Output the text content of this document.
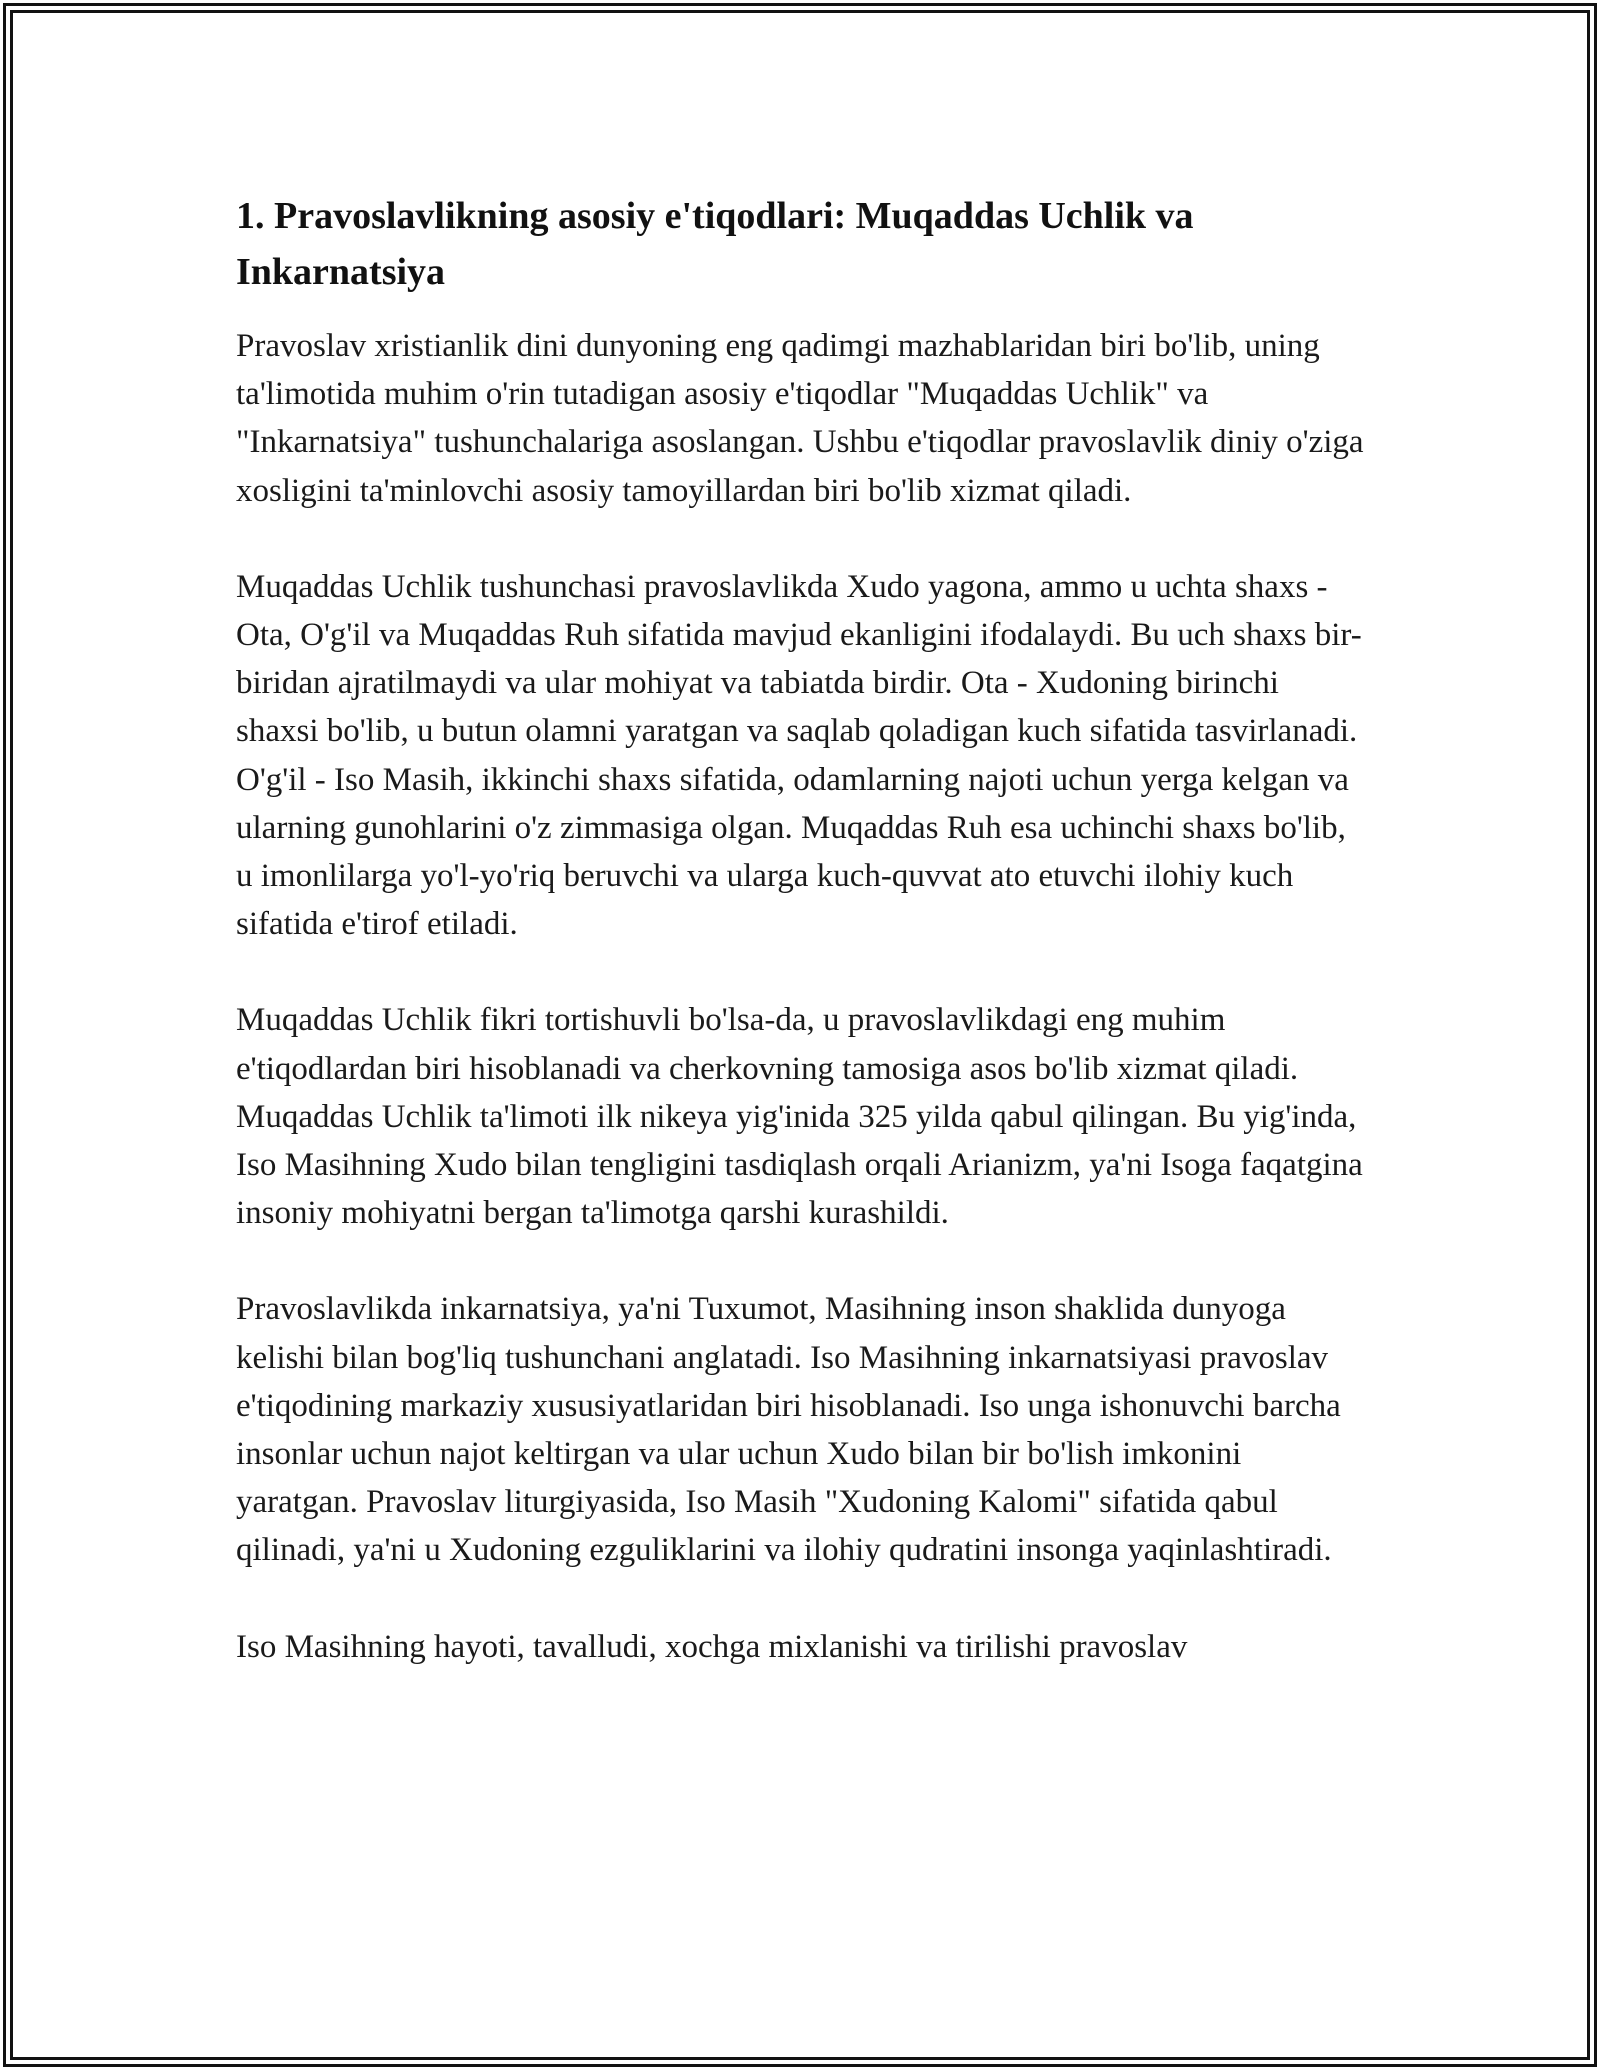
1. Pravoslavlikning asosiy e'tiqodlari: Muqaddas Uchlik va Inkarnatsiya

Pravoslav xristianlik dini dunyoning eng qadimgi mazhablaridan biri bo'lib, uning ta'limotida muhim o'rin tutadigan asosiy e'tiqodlar "Muqaddas Uchlik" va "Inkarnatsiya" tushunchalariga asoslangan. Ushbu e'tiqodlar pravoslavlik diniy o'ziga xosligini ta'minlovchi asosiy tamoyillardan biri bo'lib xizmat qiladi.

Muqaddas Uchlik tushunchasi pravoslavlikda Xudo yagona, ammo u uchta shaxs - Ota, O'g'il va Muqaddas Ruh sifatida mavjud ekanligini ifodalaydi. Bu uch shaxs bir-biridan ajratilmaydi va ular mohiyat va tabiatda birdir. Ota - Xudoning birinchi shaxsi bo'lib, u butun olamni yaratgan va saqlab qoladigan kuch sifatida tasvirlanadi. O'g'il - Iso Masih, ikkinchi shaxs sifatida, odamlarning najoti uchun yerga kelgan va ularning gunohlarini o'z zimmasiga olgan. Muqaddas Ruh esa uchinchi shaxs bo'lib, u imonlilarga yo'l-yo'riq beruvchi va ularga kuch-quvvat ato etuvchi ilohiy kuch sifatida e'tirof etiladi.

Muqaddas Uchlik fikri tortishuvli bo'lsa-da, u pravoslavlikdagi eng muhim e'tiqodlardan biri hisoblanadi va cherkovning tamosiga asos bo'lib xizmat qiladi. Muqaddas Uchlik ta'limoti ilk nikeya yig'inida 325 yilda qabul qilingan. Bu yig'inda, Iso Masihning Xudo bilan tengligini tasdiqlash orqali Arianizm, ya'ni Isoga faqatgina insoniy mohiyatni bergan ta'limotga qarshi kurashildi.

Pravoslavlikda inkarnatsiya, ya'ni Tuxumot, Masihning inson shaklida dunyoga kelishi bilan bog'liq tushunchani anglatadi. Iso Masihning inkarnatsiyasi pravoslav e'tiqodining markaziy xususiyatlaridan biri hisoblanadi. Iso unga ishonuvchi barcha insonlar uchun najot keltirgan va ular uchun Xudo bilan bir bo'lish imkonini yaratgan. Pravoslav liturgiyasida, Iso Masih "Xudoning Kalomi" sifatida qabul qilinadi, ya'ni u Xudoning ezguliklarini va ilohiy qudratini insonga yaqinlashtiradi.

Iso Masihning hayoti, tavalludi, xochga mixlanishi va tirilishi pravoslav
